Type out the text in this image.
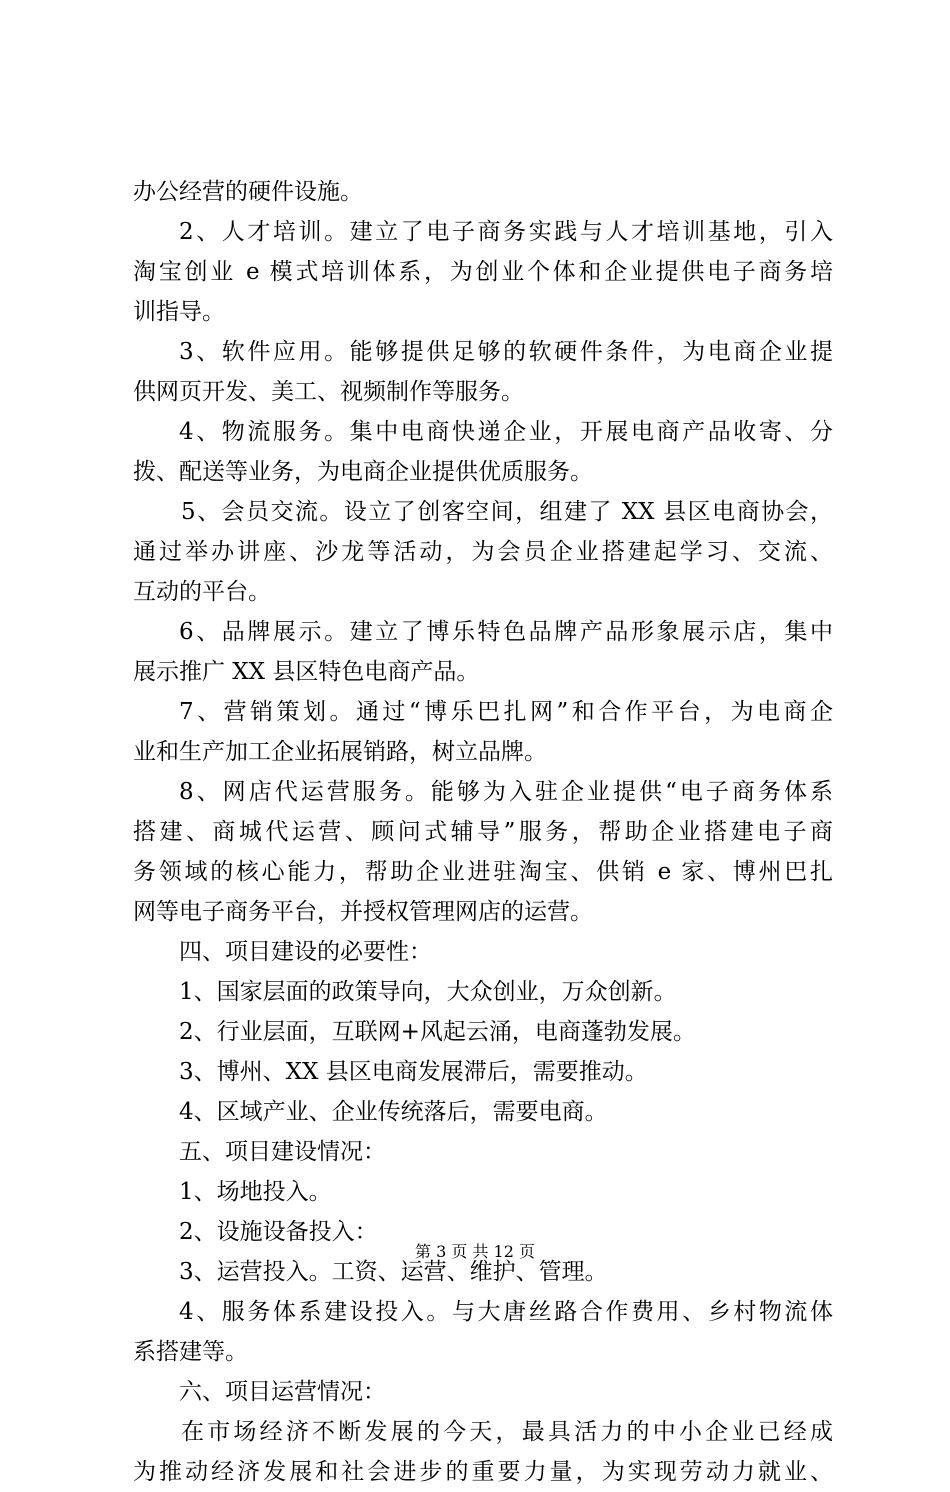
办公经营的硬件设施。
2、人才培训。建立了电子商务实践与人才培训基地，引入
淘宝创业 e 模式培训体系，为创业个体和企业提供电子商务培
训指导。
3、软件应用。能够提供足够的软硬件条件，为电商企业提
供网页开发、美工、视频制作等服务。
4、物流服务。集中电商快递企业，开展电商产品收寄、分
拨、配送等业务，为电商企业提供优质服务。
5、会员交流。设立了创客空间，组建了 XX 县区电商协会，
通过举办讲座、沙龙等活动，为会员企业搭建起学习、交流、
互动的平台。
6、品牌展示。建立了博乐特色品牌产品形象展示店，集中
展示推广 XX 县区特色电商产品。
7、营销策划。通过“博乐巴扎网”和合作平台，为电商企
业和生产加工企业拓展销路，树立品牌。
8、网店代运营服务。能够为入驻企业提供“电子商务体系
搭建、商城代运营、顾问式辅导”服务，帮助企业搭建电子商
务领域的核心能力，帮助企业进驻淘宝、供销 e 家、博州巴扎
网等电子商务平台，并授权管理网店的运营。
四、项目建设的必要性：
1、国家层面的政策导向，大众创业，万众创新。
2、行业层面，互联网+风起云涌，电商蓬勃发展。
3、博州、XX 县区电商发展滞后，需要推动。
4、区域产业、企业传统落后，需要电商。
五、项目建设情况：
1、场地投入。
2、设施设备投入：
3、运营投入。工资、运营、维护、管理。
4、服务体系建设投入。与大唐丝路合作费用、乡村物流体
系搭建等。
六、项目运营情况：
在市场经济不断发展的今天，最具活力的中小企业已经成
为推动经济发展和社会进步的重要力量，为实现劳动力就业、
第 3 页 共 12 页
